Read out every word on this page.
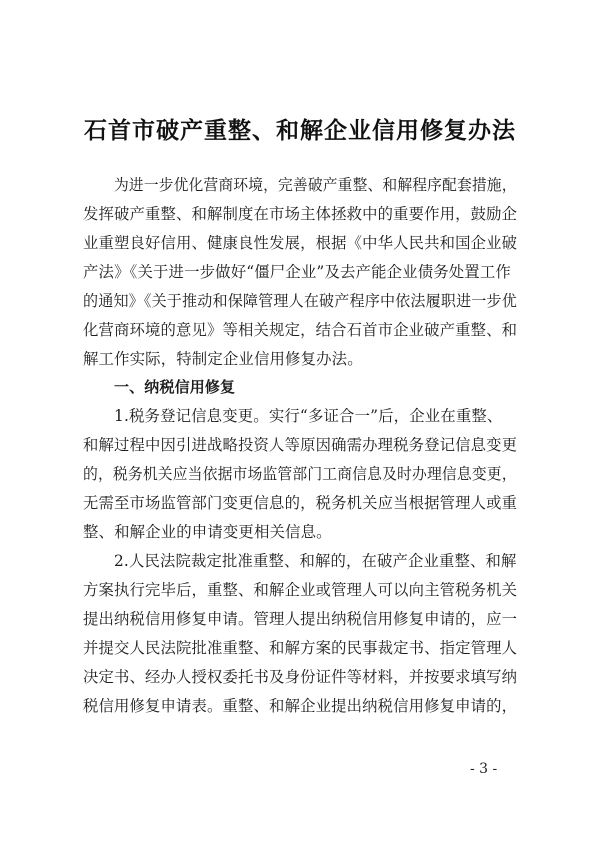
石首市破产重整、和解企业信用修复办法
为进一步优化营商环境，完善破产重整、和解程序配套措施，
发挥破产重整、和解制度在市场主体拯救中的重要作用，鼓励企
业重塑良好信用、健康良性发展，根据《中华人民共和国企业破
产法》《关于进一步做好“僵尸企业”及去产能企业债务处置工作
的通知》《关于推动和保障管理人在破产程序中依法履职进一步优
化营商环境的意见》等相关规定，结合石首市企业破产重整、和
解工作实际，特制定企业信用修复办法。
一、纳税信用修复
1.税务登记信息变更。实行“多证合一”后，企业在重整、
和解过程中因引进战略投资人等原因确需办理税务登记信息变更
的，税务机关应当依据市场监管部门工商信息及时办理信息变更，
无需至市场监管部门变更信息的，税务机关应当根据管理人或重
整、和解企业的申请变更相关信息。
2.人民法院裁定批准重整、和解的，在破产企业重整、和解
方案执行完毕后，重整、和解企业或管理人可以向主管税务机关
提出纳税信用修复申请。管理人提出纳税信用修复申请的，应一
并提交人民法院批准重整、和解方案的民事裁定书、指定管理人
决定书、经办人授权委托书及身份证件等材料，并按要求填写纳
税信用修复申请表。重整、和解企业提出纳税信用修复申请的，
- 3 -
